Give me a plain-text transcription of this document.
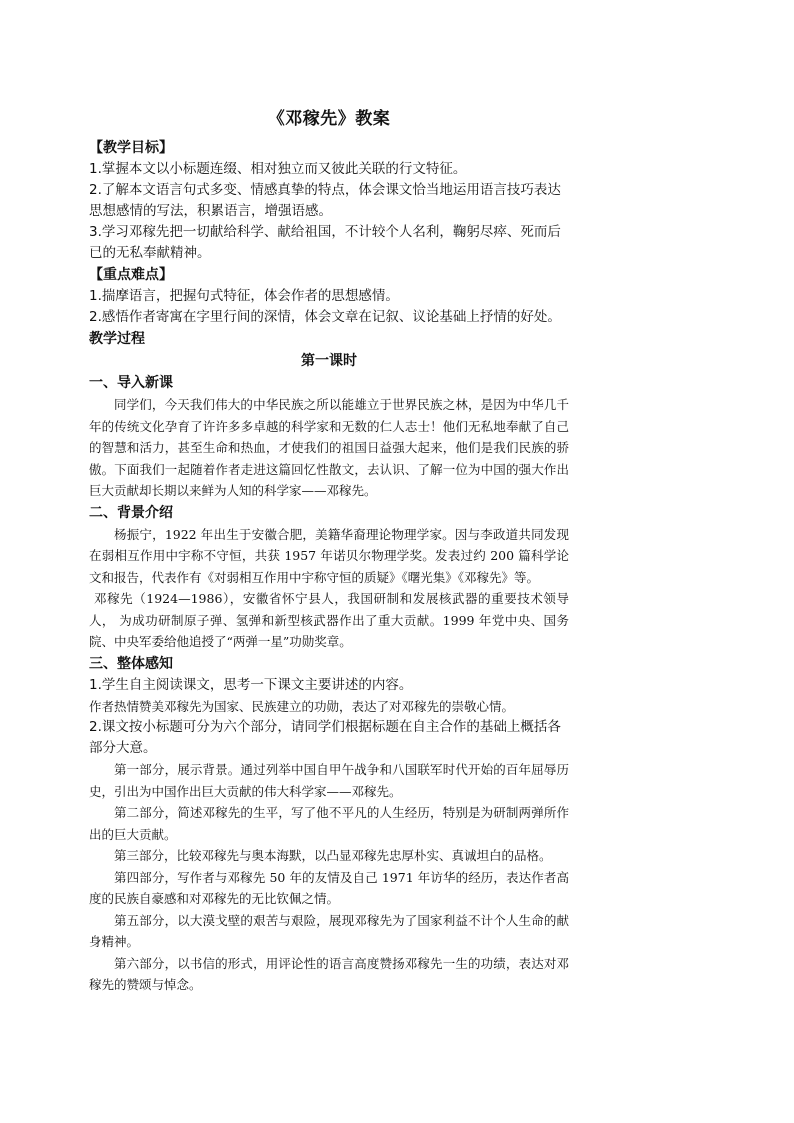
《邓稼先》教案
【教学目标】
1.掌握本文以小标题连缀、相对独立而又彼此关联的行文特征。
2.了解本文语言句式多变、情感真挚的特点，体会课文恰当地运用语言技巧表达思想感情的写法，积累语言，增强语感。
3.学习邓稼先把一切献给科学、献给祖国，不计较个人名利，鞠躬尽瘁、死而后已的无私奉献精神。
【重点难点】
1.揣摩语言，把握句式特征，体会作者的思想感情。
2.感悟作者寄寓在字里行间的深情，体会文章在记叙、议论基础上抒情的好处。
教学过程
第一课时
一、导入新课
同学们，今天我们伟大的中华民族之所以能雄立于世界民族之林，是因为中华几千年的传统文化孕育了许许多多卓越的科学家和无数的仁人志士！他们无私地奉献了自己的智慧和活力，甚至生命和热血，才使我们的祖国日益强大起来，他们是我们民族的骄傲。下面我们一起随着作者走进这篇回忆性散文，去认识、了解一位为中国的强大作出巨大贡献却长期以来鲜为人知的科学家——邓稼先。
二、背景介绍
杨振宁，1922 年出生于安徽合肥，美籍华裔理论物理学家。因与李政道共同发现在弱相互作用中宇称不守恒，共获 1957 年诺贝尔物理学奖。发表过约 200 篇科学论文和报告，代表作有《对弱相互作用中宇称守恒的质疑》《曙光集》《邓稼先》等。
邓稼先（1924—1986），安徽省怀宁县人，我国研制和发展核武器的重要技术领导人， 为成功研制原子弹、氢弹和新型核武器作出了重大贡献。1999 年党中央、国务院、中央军委给他追授了“两弹一星”功勋奖章。
三、整体感知
1.学生自主阅读课文，思考一下课文主要讲述的内容。
作者热情赞美邓稼先为国家、民族建立的功勋，表达了对邓稼先的崇敬心情。
2.课文按小标题可分为六个部分，请同学们根据标题在自主合作的基础上概括各部分大意。
第一部分，展示背景。通过列举中国自甲午战争和八国联军时代开始的百年屈辱历史，引出为中国作出巨大贡献的伟大科学家——邓稼先。
第二部分，简述邓稼先的生平，写了他不平凡的人生经历，特别是为研制两弹所作出的巨大贡献。
第三部分，比较邓稼先与奥本海默，以凸显邓稼先忠厚朴实、真诚坦白的品格。
第四部分，写作者与邓稼先 50 年的友情及自己 1971 年访华的经历，表达作者高度的民族自豪感和对邓稼先的无比钦佩之情。
第五部分，以大漠戈壁的艰苦与艰险，展现邓稼先为了国家利益不计个人生命的献身精神。
第六部分，以书信的形式，用评论性的语言高度赞扬邓稼先一生的功绩，表达对邓稼先的赞颂与悼念。
